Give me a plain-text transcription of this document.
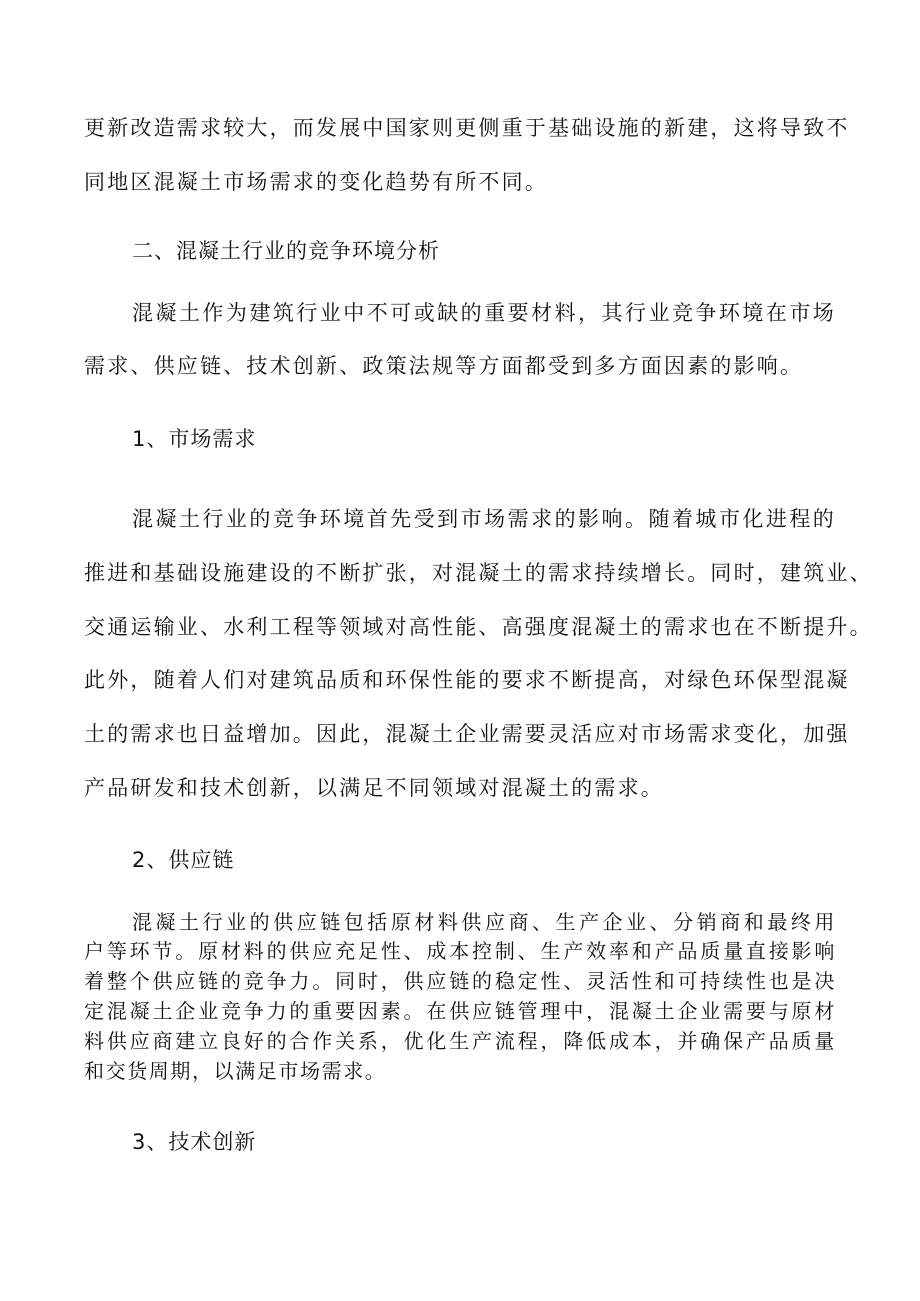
更新改造需求较大，而发展中国家则更侧重于基础设施的新建，这将导致不
同地区混凝土市场需求的变化趋势有所不同。
二、混凝土行业的竞争环境分析
混凝土作为建筑行业中不可或缺的重要材料，其行业竞争环境在市场
需求、供应链、技术创新、政策法规等方面都受到多方面因素的影响。
1、市场需求
混凝土行业的竞争环境首先受到市场需求的影响。随着城市化进程的
推进和基础设施建设的不断扩张，对混凝土的需求持续增长。同时，建筑业、
交通运输业、水利工程等领域对高性能、高强度混凝土的需求也在不断提升。
此外，随着人们对建筑品质和环保性能的要求不断提高，对绿色环保型混凝
土的需求也日益增加。因此，混凝土企业需要灵活应对市场需求变化，加强
产品研发和技术创新，以满足不同领域对混凝土的需求。
2、供应链
混凝土行业的供应链包括原材料供应商、生产企业、分销商和最终用
户等环节。原材料的供应充足性、成本控制、生产效率和产品质量直接影响
着整个供应链的竞争力。同时，供应链的稳定性、灵活性和可持续性也是决
定混凝土企业竞争力的重要因素。在供应链管理中，混凝土企业需要与原材
料供应商建立良好的合作关系，优化生产流程，降低成本，并确保产品质量
和交货周期，以满足市场需求。
3、技术创新
